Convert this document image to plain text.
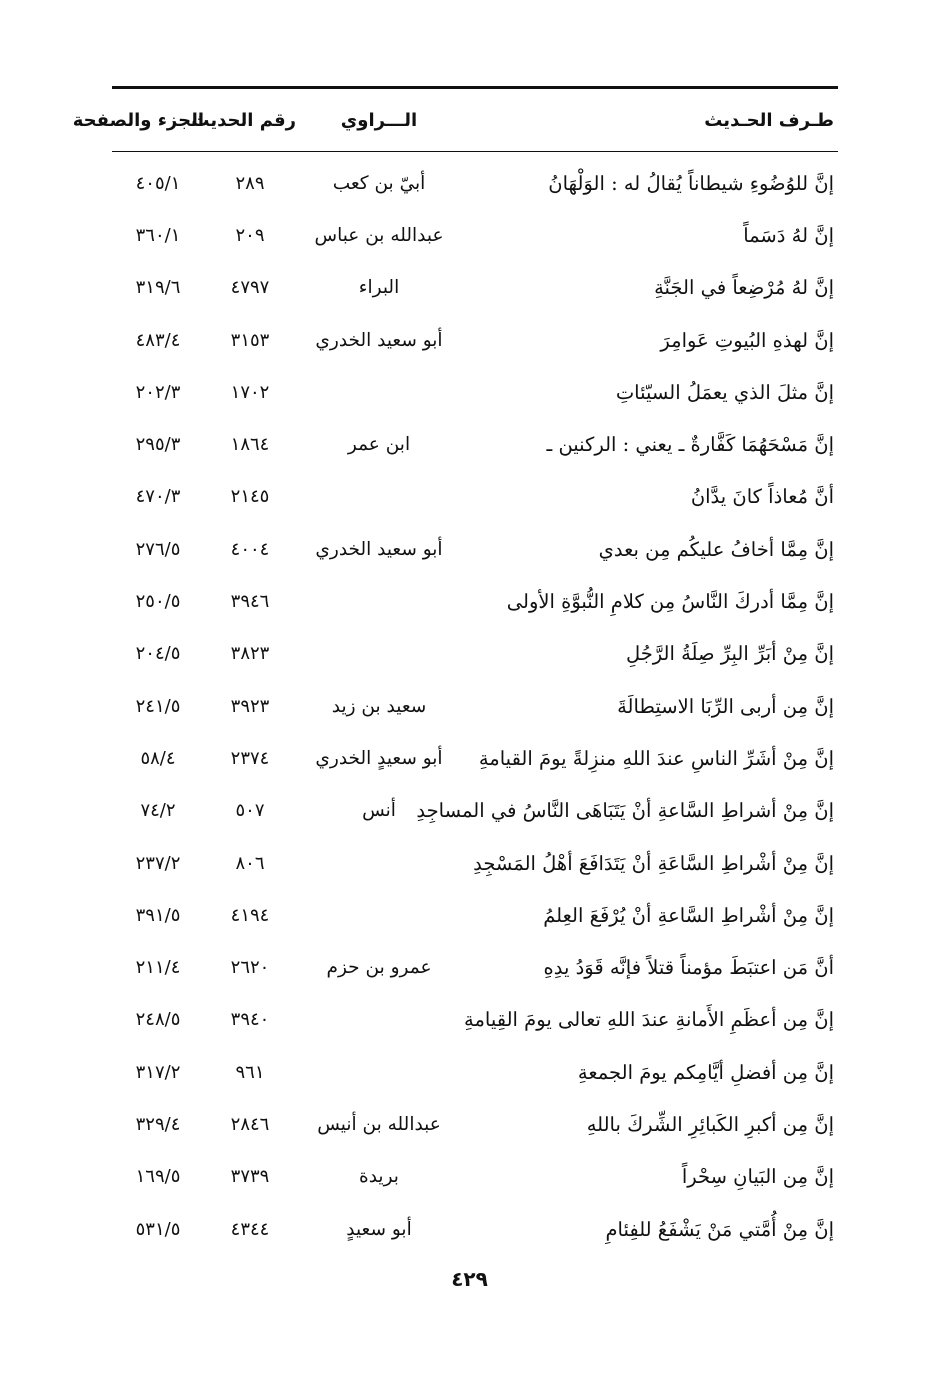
طـرف الحـديث
الـــراوي
رقم الحديث
الجزء والصفحة
إنَّ للوُضُوءِ شيطاناً يُقالُ له : الوَلْهَانُ
أبيّ بن كعب
٢٨٩
٤٠٥/١
إنَّ لهُ دَسَماً
عبدالله بن عباس
٢٠٩
٣٦٠/١
إنَّ لهُ مُرْضِعاً في الجَنَّةِ
البراء
٤٧٩٧
٣١٩/٦
إنَّ لهذهِ البُيوتِ عَوامِرَ
أبو سعيد الخدري
٣١٥٣
٤٨٣/٤
إنَّ مثلَ الذي يعمَلُ السيّئاتِ
١٧٠٢
٢٠٢/٣
إنَّ مَسْحَهُمَا كَفَّارةٌ ـ يعني : الركنين ـ
ابن عمر
١٨٦٤
٢٩٥/٣
أنَّ مُعاذاً كانَ يدَّانُ
٢١٤٥
٤٧٠/٣
إنَّ مِمَّا أخافُ عليكُم مِن بعدي
أبو سعيد الخدري
٤٠٠٤
٢٧٦/٥
إنَّ مِمَّا أدركَ النَّاسُ مِن كلامِ النُّبوَّةِ الأولى
٣٩٤٦
٢٥٠/٥
إنَّ مِنْ أبَرِّ البِرِّ صِلَةُ الرَّجُلِ
٣٨٢٣
٢٠٤/٥
إنَّ مِن أربى الرِّبَا الاستِطالَةَ
سعيد بن زيد
٣٩٢٣
٢٤١/٥
إنَّ مِنْ أشَرِّ الناسِ عندَ اللهِ منزِلةً يومَ القيامةِ
أبو سعيدٍ الخدري
٢٣٧٤
٥٨/٤
إنَّ مِنْ أشراطِ السَّاعةِ أنْ يَتَبَاهَى النَّاسُ في المساجِدِ
أنس
٥٠٧
٧٤/٢
إنَّ مِنْ أشْراطِ السَّاعَةِ أنْ يَتَدَافَعَ أهْلُ المَسْجِدِ
٨٠٦
٢٣٧/٢
إنَّ مِنْ أشْراطِ السَّاعةِ أنْ يُرْفَعَ العِلمُ
٤١٩٤
٣٩١/٥
أنَّ مَن اعتبَطَ مؤمناً قتلاً فإنَّه قَوَدُ يدِهِ
عمرو بن حزم
٢٦٢٠
٢١١/٤
إنَّ مِن أعظَمِ الأَمانةِ عندَ اللهِ تعالى يومَ القِيامةِ
٣٩٤٠
٢٤٨/٥
إنَّ مِن أفضلِ أيَّامِكم يومَ الجمعةِ
٩٦١
٣١٧/٢
إنَّ مِن أكبرِ الكَبائِرِ الشِّركَ باللهِ
عبدالله بن أنيس
٢٨٤٦
٣٢٩/٤
إنَّ مِن البَيانِ سِحْراً
بريدة
٣٧٣٩
١٦٩/٥
إنَّ مِنْ أُمَّتي مَنْ يَشْفَعُ للفِئامِ
أبو سعيدٍ
٤٣٤٤
٥٣١/٥
٤٢٩
